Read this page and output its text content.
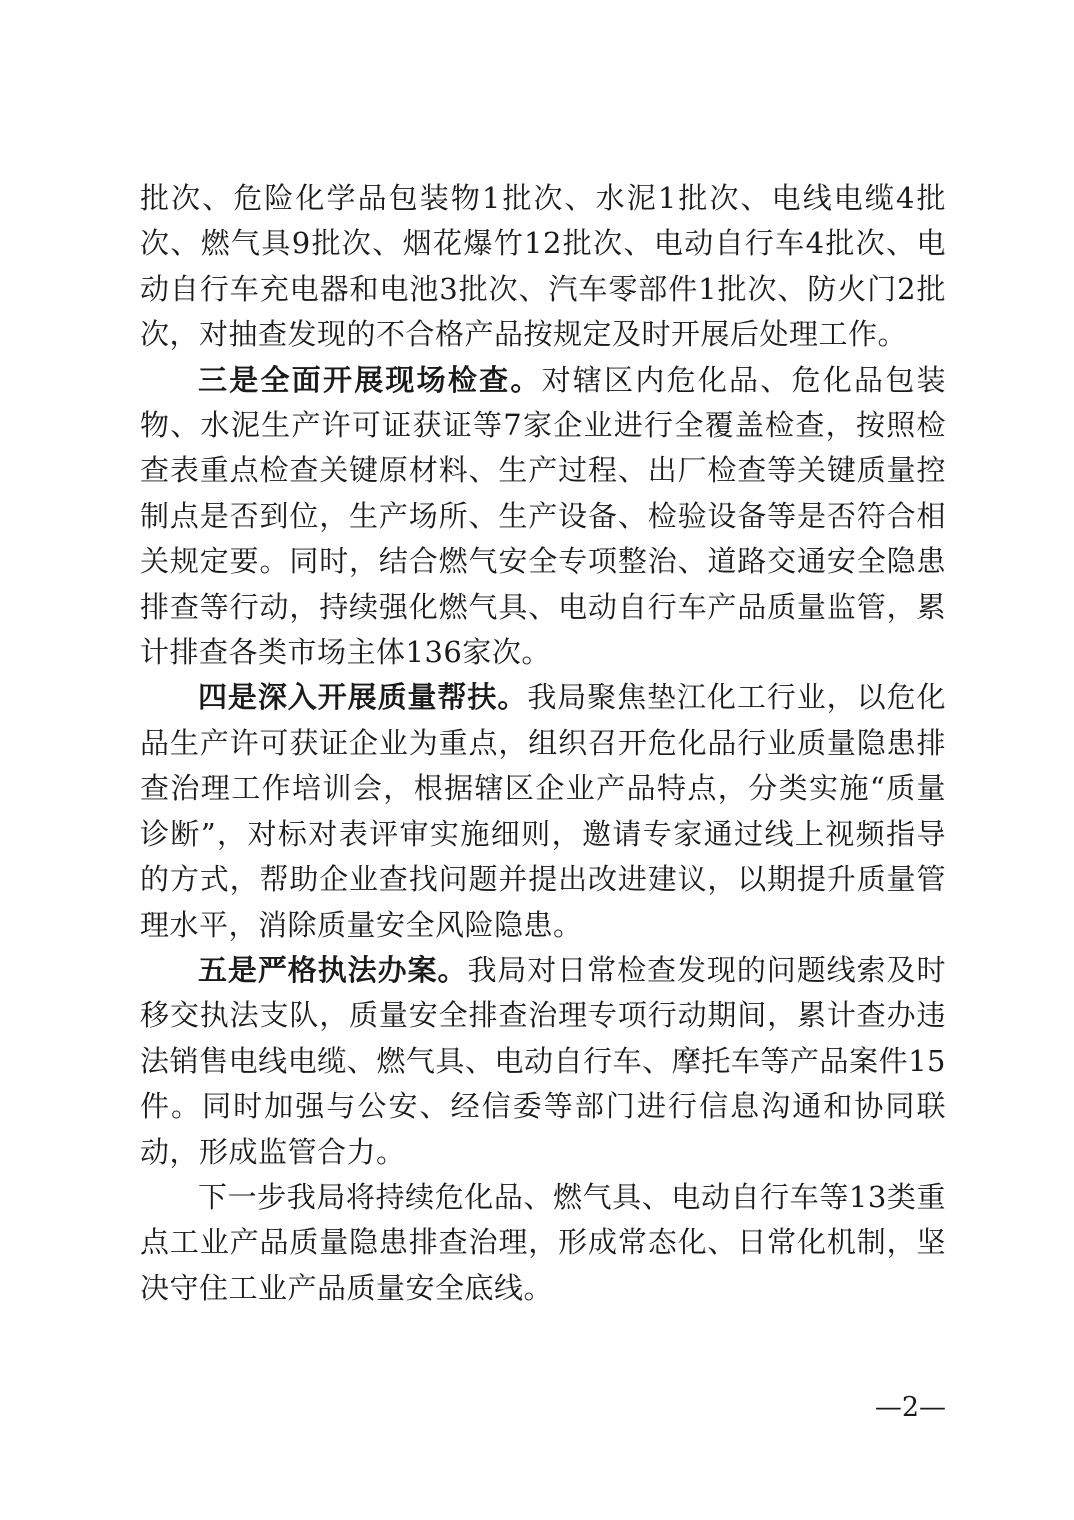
批次、危险化学品包装物1批次、水泥1批次、电线电缆4批次、燃气具9批次、烟花爆竹12批次、电动自行车4批次、电动自行车充电器和电池3批次、汽车零部件1批次、防火门2批次，对抽查发现的不合格产品按规定及时开展后处理工作。

三是全面开展现场检查。对辖区内危化品、危化品包装物、水泥生产许可证获证等7家企业进行全覆盖检查，按照检查表重点检查关键原材料、生产过程、出厂检查等关键质量控制点是否到位，生产场所、生产设备、检验设备等是否符合相关规定要。同时，结合燃气安全专项整治、道路交通安全隐患排查等行动，持续强化燃气具、电动自行车产品质量监管，累计排查各类市场主体136家次。

四是深入开展质量帮扶。我局聚焦垫江化工行业，以危化品生产许可获证企业为重点，组织召开危化品行业质量隐患排查治理工作培训会，根据辖区企业产品特点，分类实施“质量诊断”，对标对表评审实施细则，邀请专家通过线上视频指导的方式，帮助企业查找问题并提出改进建议，以期提升质量管理水平，消除质量安全风险隐患。

五是严格执法办案。我局对日常检查发现的问题线索及时移交执法支队，质量安全排查治理专项行动期间，累计查办违法销售电线电缆、燃气具、电动自行车、摩托车等产品案件15件。同时加强与公安、经信委等部门进行信息沟通和协同联动，形成监管合力。

下一步我局将持续危化品、燃气具、电动自行车等13类重点工业产品质量隐患排查治理，形成常态化、日常化机制，坚决守住工业产品质量安全底线。

—2—
